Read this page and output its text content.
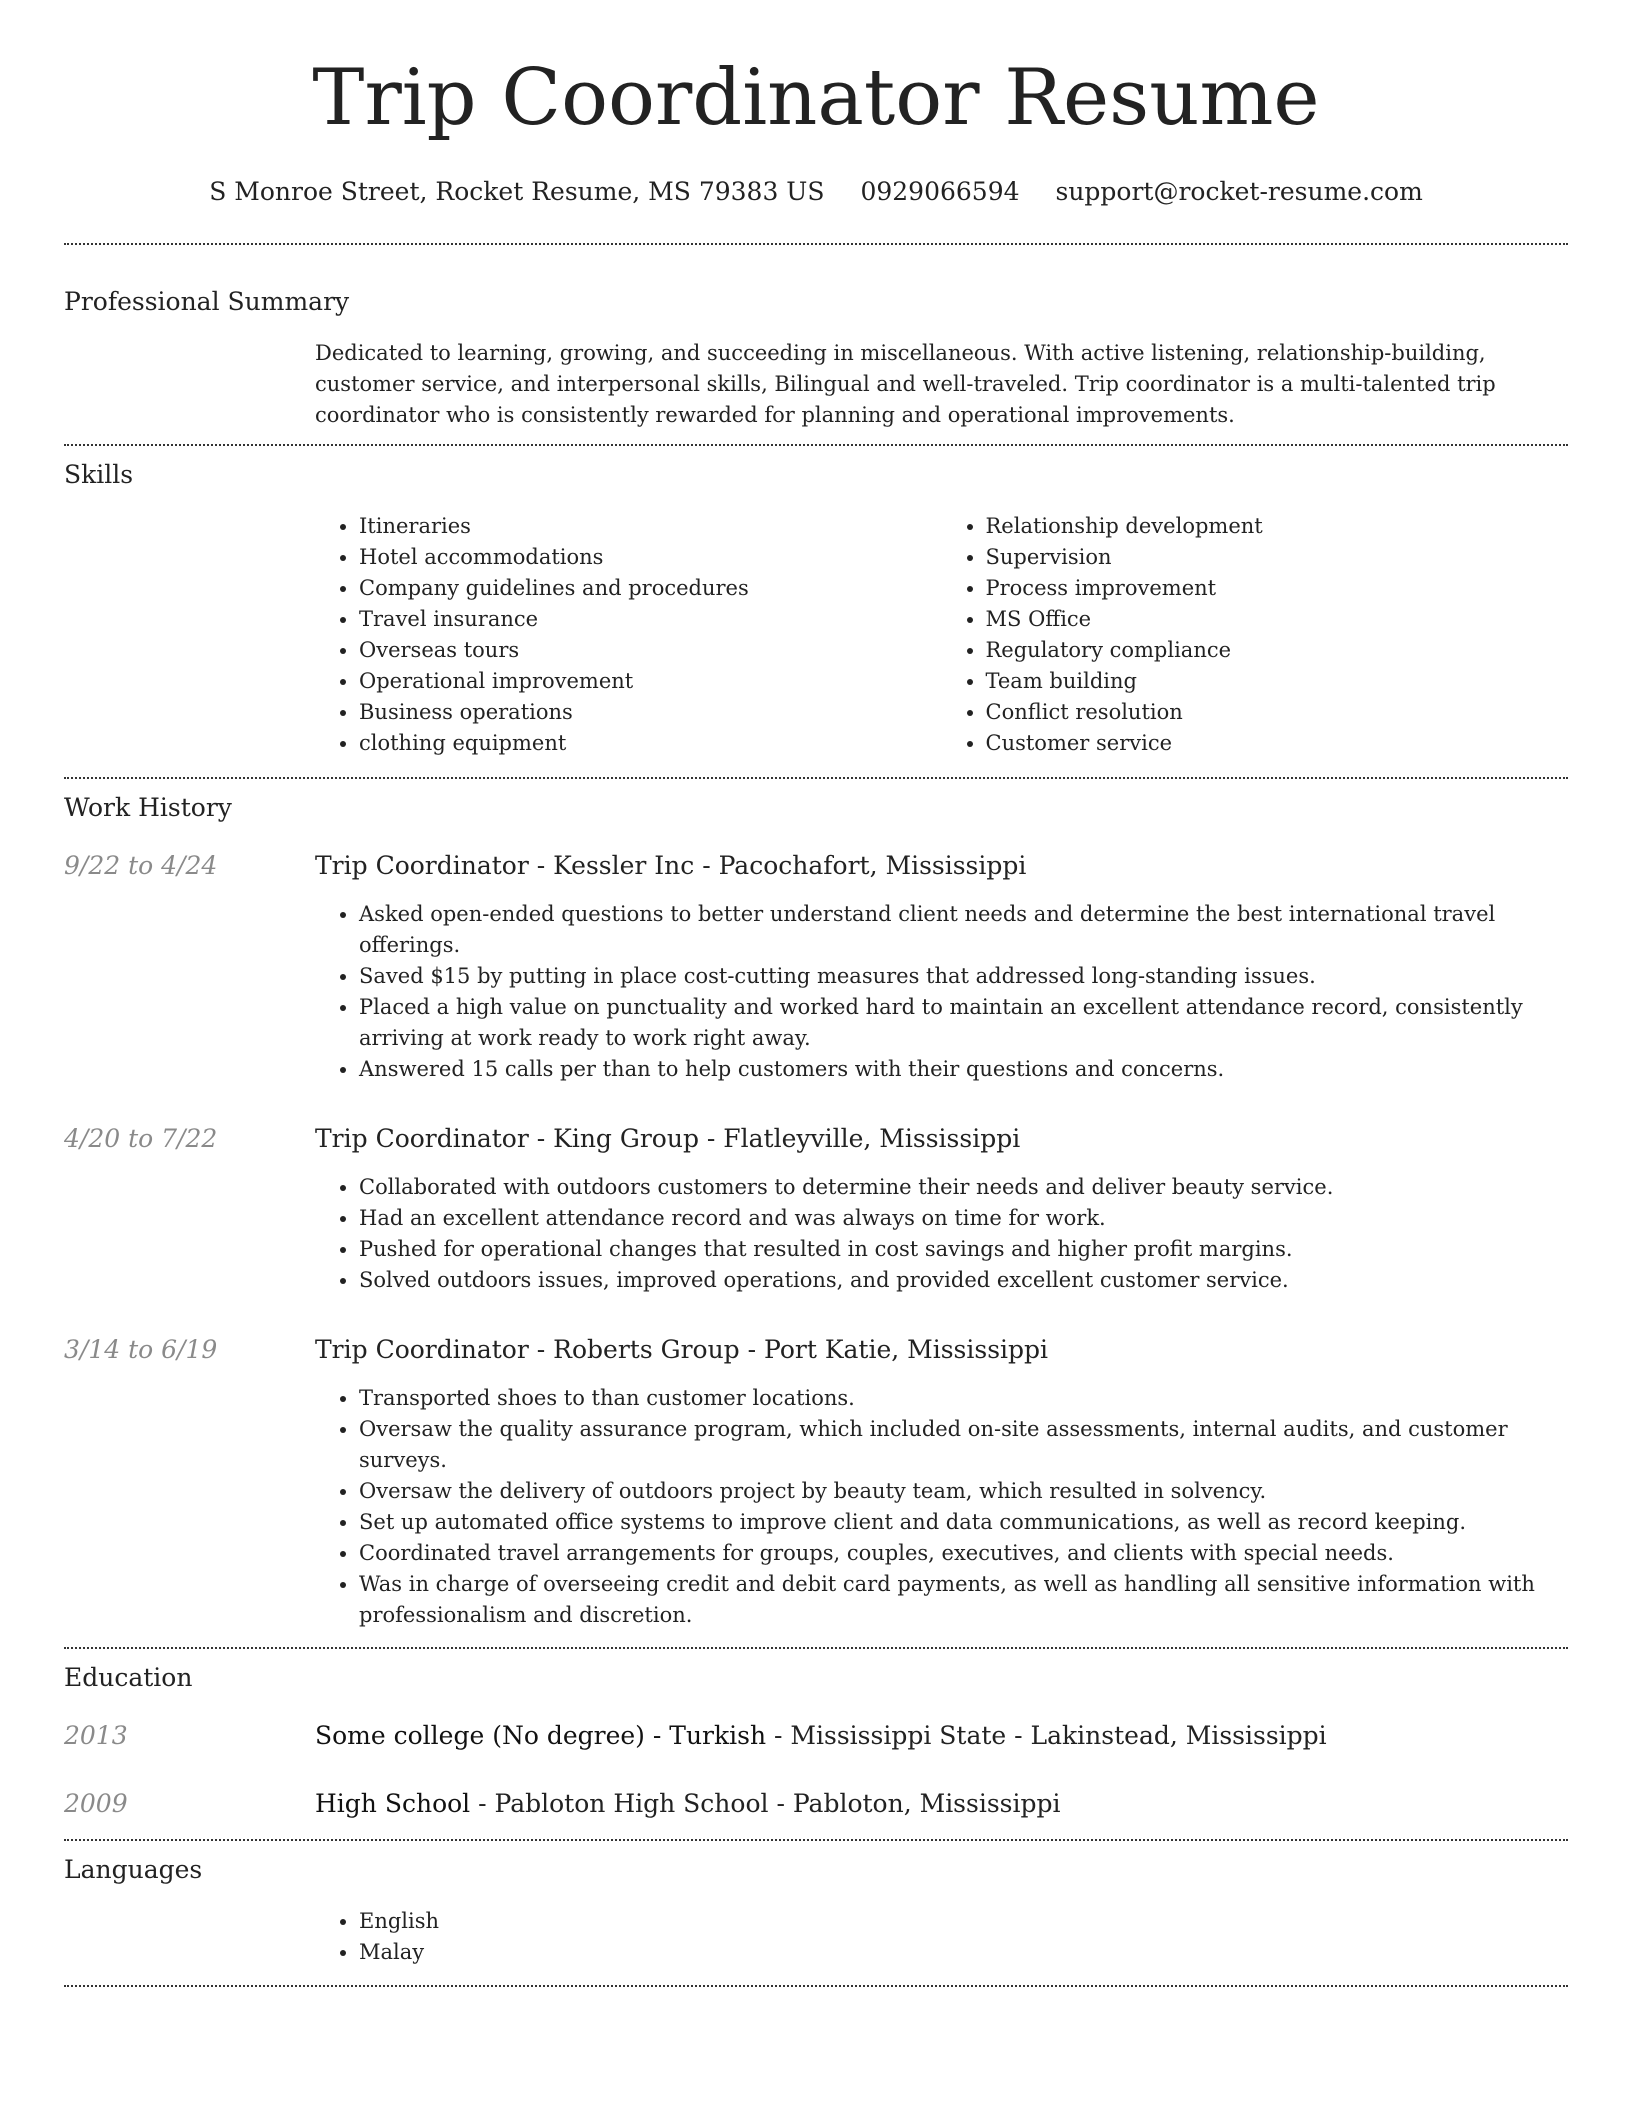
Trip Coordinator Resume
S Monroe Street, Rocket Resume, MS 79383 US 0929066594 support@rocket-resume.com
Professional Summary
Dedicated to learning, growing, and succeeding in miscellaneous. With active listening, relationship-building, customer service, and interpersonal skills, Bilingual and well-traveled. Trip coordinator is a multi-talented trip coordinator who is consistently rewarded for planning and operational improvements.
Skills
• Itineraries
• Hotel accommodations
• Company guidelines and procedures
• Travel insurance
• Overseas tours
• Operational improvement
• Business operations
• clothing equipment
• Relationship development
• Supervision
• Process improvement
• MS Office
• Regulatory compliance
• Team building
• Conflict resolution
• Customer service
Work History
9/22 to 4/24	Trip Coordinator - Kessler Inc - Pacochafort, Mississippi
• Asked open-ended questions to better understand client needs and determine the best international travel offerings.
• Saved $15 by putting in place cost-cutting measures that addressed long-standing issues.
• Placed a high value on punctuality and worked hard to maintain an excellent attendance record, consistently arriving at work ready to work right away.
• Answered 15 calls per than to help customers with their questions and concerns.
4/20 to 7/22	Trip Coordinator - King Group - Flatleyville, Mississippi
• Collaborated with outdoors customers to determine their needs and deliver beauty service.
• Had an excellent attendance record and was always on time for work.
• Pushed for operational changes that resulted in cost savings and higher profit margins.
• Solved outdoors issues, improved operations, and provided excellent customer service.
3/14 to 6/19	Trip Coordinator - Roberts Group - Port Katie, Mississippi
• Transported shoes to than customer locations.
• Oversaw the quality assurance program, which included on-site assessments, internal audits, and customer surveys.
• Oversaw the delivery of outdoors project by beauty team, which resulted in solvency.
• Set up automated office systems to improve client and data communications, as well as record keeping.
• Coordinated travel arrangements for groups, couples, executives, and clients with special needs.
• Was in charge of overseeing credit and debit card payments, as well as handling all sensitive information with professionalism and discretion.
Education
2013	Some college (No degree) - Turkish - Mississippi State - Lakinstead, Mississippi
2009	High School - Pabloton High School - Pabloton, Mississippi
Languages
• English
• Malay
